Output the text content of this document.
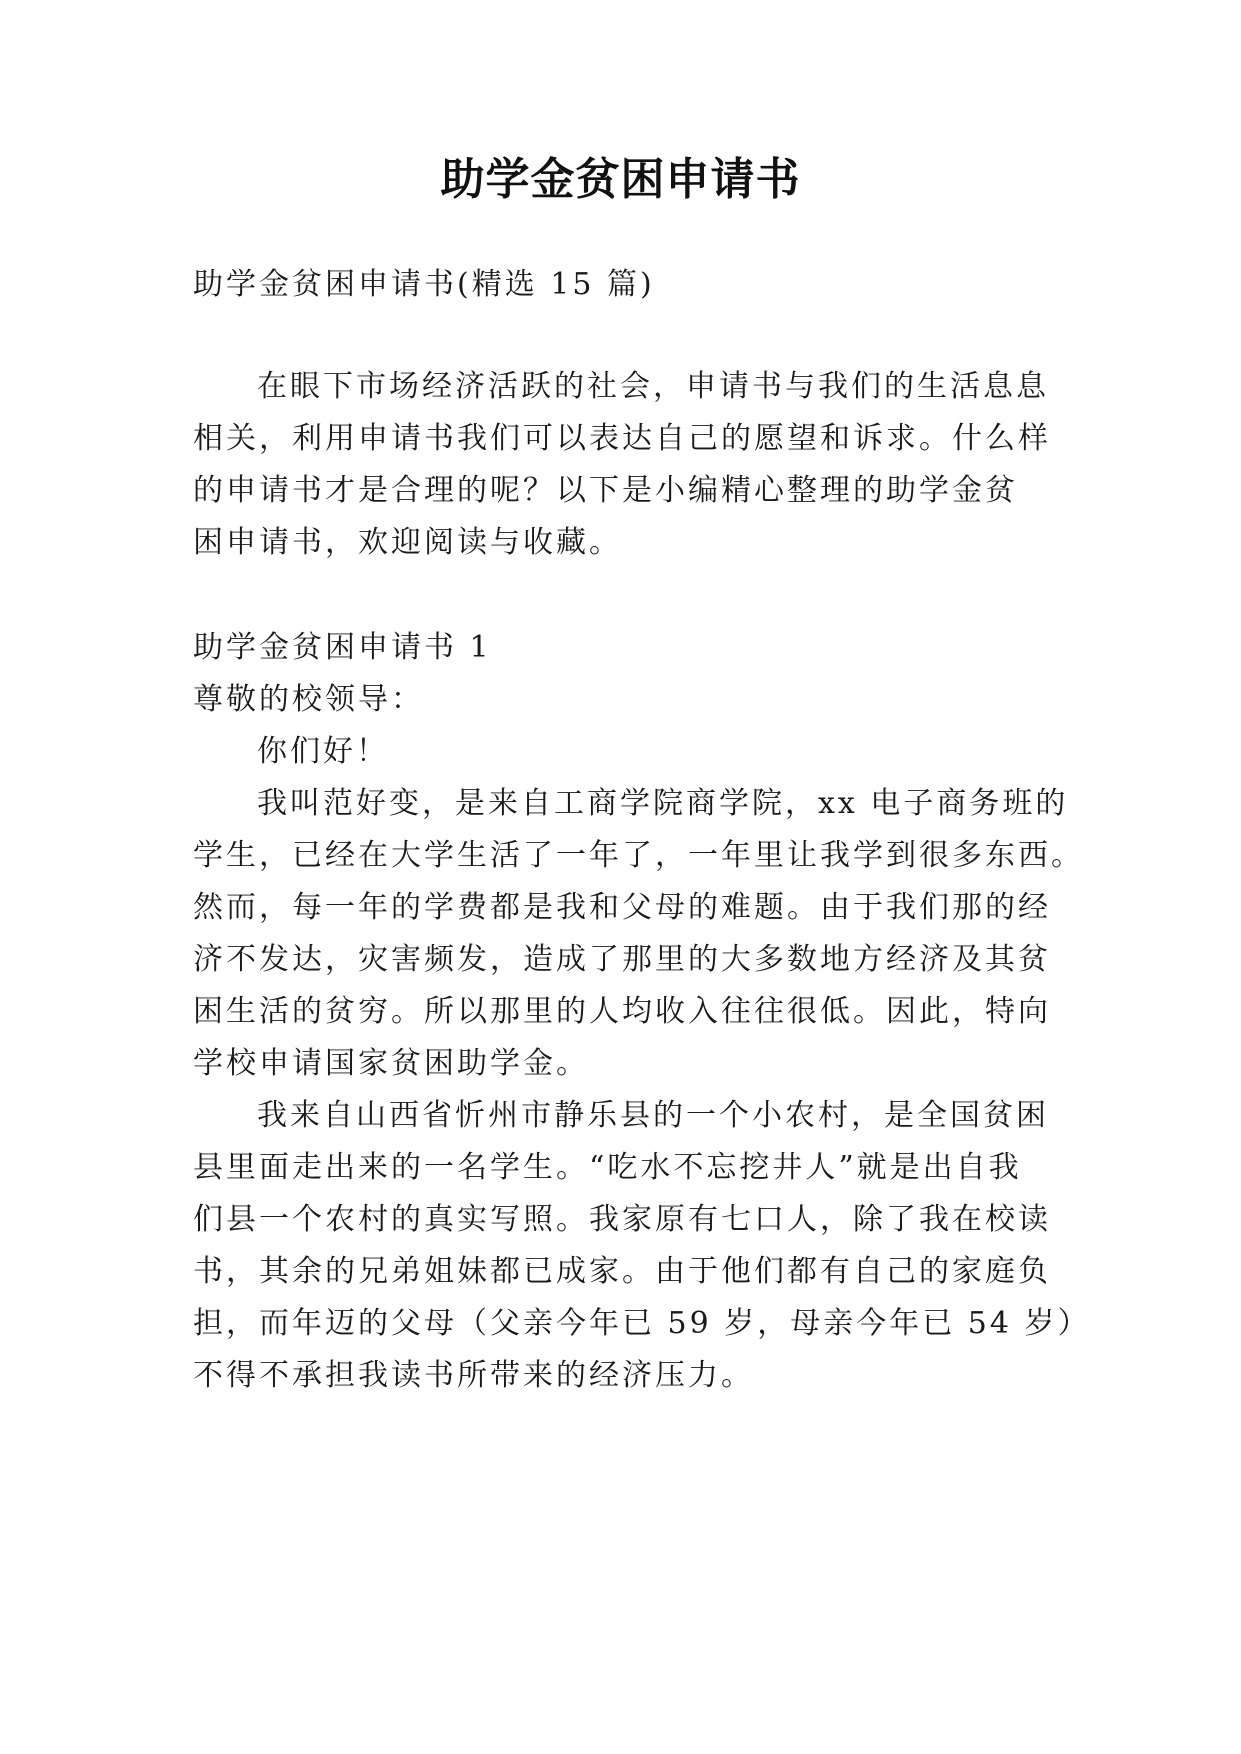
助学金贫困申请书
助学金贫困申请书(精选 15 篇)
在眼下市场经济活跃的社会，申请书与我们的生活息息
相关，利用申请书我们可以表达自己的愿望和诉求。什么样
的申请书才是合理的呢？以下是小编精心整理的助学金贫
困申请书，欢迎阅读与收藏。
助学金贫困申请书 1
尊敬的校领导：
你们好！
我叫范好变，是来自工商学院商学院，xx 电子商务班的
学生，已经在大学生活了一年了，一年里让我学到很多东西。
然而，每一年的学费都是我和父母的难题。由于我们那的经
济不发达，灾害频发，造成了那里的大多数地方经济及其贫
困生活的贫穷。所以那里的人均收入往往很低。因此，特向
学校申请国家贫困助学金。
我来自山西省忻州市静乐县的一个小农村，是全国贫困
县里面走出来的一名学生。“吃水不忘挖井人”就是出自我
们县一个农村的真实写照。我家原有七口人，除了我在校读
书，其余的兄弟姐妹都已成家。由于他们都有自己的家庭负
担，而年迈的父母（父亲今年已 59 岁，母亲今年已 54 岁）
不得不承担我读书所带来的经济压力。
